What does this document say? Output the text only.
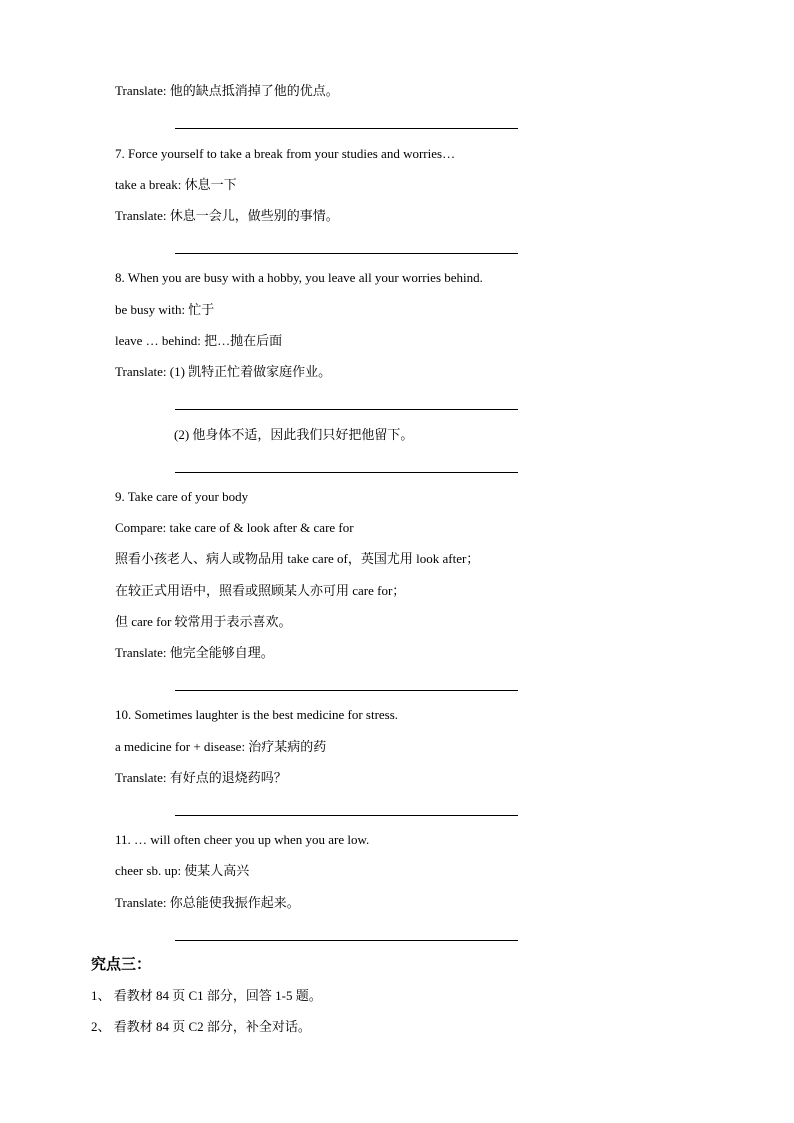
Translate: 他的缺点抵消掉了他的优点。
7. Force yourself to take a break from your studies and worries…
take a break: 休息一下
Translate: 休息一会儿，做些别的事情。
8. When you are busy with a hobby, you leave all your worries behind.
be busy with: 忙于
leave … behind: 把…抛在后面
Translate: (1) 凯特正忙着做家庭作业。
(2) 他身体不适，因此我们只好把他留下。
9. Take care of your body
Compare: take care of & look after & care for
照看小孩老人、病人或物品用 take care of，英国尤用 look after；
在较正式用语中，照看或照顾某人亦可用 care for；
但 care for 较常用于表示喜欢。
Translate: 他完全能够自理。
10. Sometimes laughter is the best medicine for stress.
a medicine for + disease: 治疗某病的药
Translate: 有好点的退烧药吗？
11. … will often cheer you up when you are low.
cheer sb. up: 使某人高兴
Translate: 你总能使我振作起来。
究点三：
1、 看教材 84 页 C1 部分，回答 1-5 题。
2、 看教材 84 页 C2 部分，补全对话。
